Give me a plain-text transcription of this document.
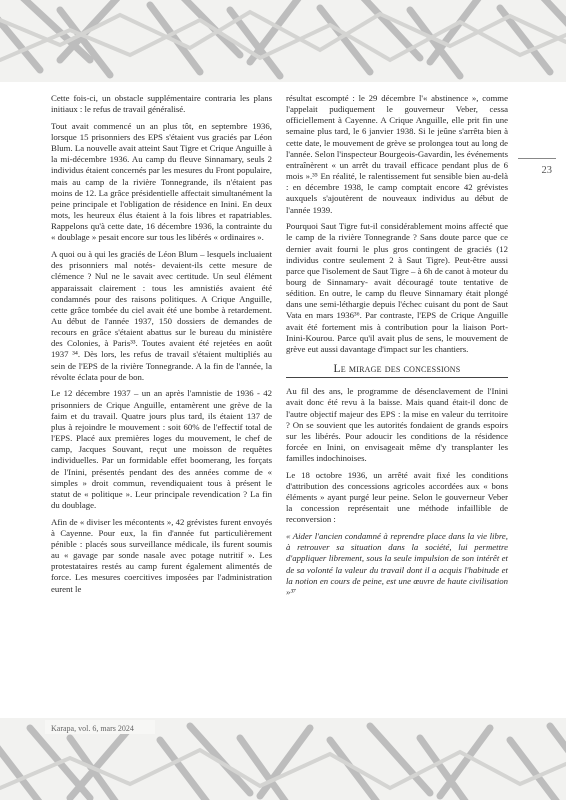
23

Cette fois-ci, un obstacle supplémentaire contraria les plans initiaux : le refus de travail généralisé.

Tout avait commencé un an plus tôt, en septembre 1936, lorsque 15 prisonniers des EPS s'étaient vus graciés par Léon Blum. La nouvelle avait atteint Saut Tigre et Crique Anguille à la mi-décembre 1936. Au camp du fleuve Sinnamary, seuls 2 individus étaient concernés par les mesures du Front populaire, mais au camp de la rivière Tonnegrande, ils n'étaient pas moins de 12. La grâce présidentielle affectait simultanément la peine principale et l'obligation de résidence en Inini. En deux mots, les heureux élus étaient à la fois libres et rapatriables. Rappelons qu'à cette date, 16 décembre 1936, la contrainte du « doublage » pesait encore sur tous les libérés « ordinaires ».

A quoi ou à qui les graciés de Léon Blum – lesquels incluaient des prisonniers mal notés- devaient-ils cette mesure de clémence ? Nul ne le savait avec certitude. Un seul élément apparaissait clairement : tous les amnistiés avaient été condamnés pour des raisons politiques. A Crique Anguille, cette grâce tombée du ciel avait été une bombe à retardement. Au début de l'année 1937, 150 dossiers de demandes de recours en grâce s'étaient abattus sur le bureau du ministère des Colonies, à Paris³³. Toutes avaient été rejetées en août 1937 ³⁴. Dès lors, les refus de travail s'étaient multipliés au sein de l'EPS de la rivière Tonnegrande. A la fin de l'année, la révolte éclata pour de bon.

Le 12 décembre 1937 – un an après l'amnistie de 1936 - 42 prisonniers de Crique Anguille, entamèrent une grève de la faim et du travail. Quatre jours plus tard, ils étaient 137 de plus à rejoindre le mouvement : soit 60% de l'effectif total de l'EPS. Placé aux premières loges du mouvement, le chef de camp, Jacques Souvant, reçut une moisson de requêtes individuelles. Par un formidable effet boomerang, les forçats de l'Inini, présentés pendant des des années comme de « simples » droit commun, revendiquaient tous à présent le statut de « politique ». Leur principale revendication ? La fin du doublage.

Afin de « diviser les mécontents », 42 grévistes furent envoyés à Cayenne. Pour eux, la fin d'année fut particulièrement pénible : placés sous surveillance médicale, ils furent soumis au « gavage par sonde nasale avec potage nutritif ». Les protestataires restés au camp furent également alimentés de force. Les mesures coercitives imposées par l'administration eurent le

résultat escompté : le 29 décembre l'« abstinence », comme l'appelait pudiquement le gouverneur Veber, cessa officiellement à Cayenne. A Crique Anguille, elle prit fin une semaine plus tard, le 6 janvier 1938. Si le jeûne s'arrêta bien à cette date, le mouvement de grève se prolongea tout au long de l'année. Selon l'inspecteur Bourgeois-Gavardin, les événements entraînèrent « un arrêt du travail efficace pendant plus de 6 mois ».³⁵ En réalité, le ralentissement fut sensible bien au-delà : en décembre 1938, le camp comptait encore 42 grévistes auxquels s'ajoutèrent de nouveaux individus au début de l'année 1939.

Pourquoi Saut Tigre fut-il considérablement moins affecté que le camp de la rivière Tonnegrande ? Sans doute parce que ce dernier avait fourni le plus gros contingent de graciés (12 individus contre seulement 2 à Saut Tigre). Peut-être aussi parce que l'isolement de Saut Tigre – à 6h de canot à moteur du bourg de Sinnamary- avait découragé toute tentative de sédition. En outre, le camp du fleuve Sinnamary était plongé dans une semi-léthargie depuis l'échec cuisant du pont de Saut Vata en mars 1936³⁶. Par contraste, l'EPS de Crique Anguille avait été fortement mis à contribution pour la liaison Port-Inini-Kourou. Parce qu'il avait plus de sens, le mouvement de grève eut aussi davantage d'impact sur les chantiers.

Le mirage des concessions

Au fil des ans, le programme de désenclavement de l'Inini avait donc été revu à la baisse. Mais quand était-il donc de l'autre objectif majeur des EPS : la mise en valeur du territoire ? On se souvient que les autorités fondaient de grands espoirs sur les libérés. Pour adoucir les conditions de la résidence forcée en Inini, on envisageait même d'y transplanter les familles indochinoises.

Le 18 octobre 1936, un arrêté avait fixé les conditions d'attribution des concessions agricoles accordées aux « bons éléments » ayant purgé leur peine. Selon le gouverneur Veber la concession représentait une méthode infaillible de reconversion :

« Aider l'ancien condamné à reprendre place dans la vie libre, à retrouver sa situation dans la société, lui permettre d'appliquer librement, sous la seule impulsion de son intérêt et de sa volonté la valeur du travail dont il a acquis l'habitude et la notion en cours de peine, est une œuvre de haute civilisation »³⁷

Karapa, vol. 6, mars 2024
